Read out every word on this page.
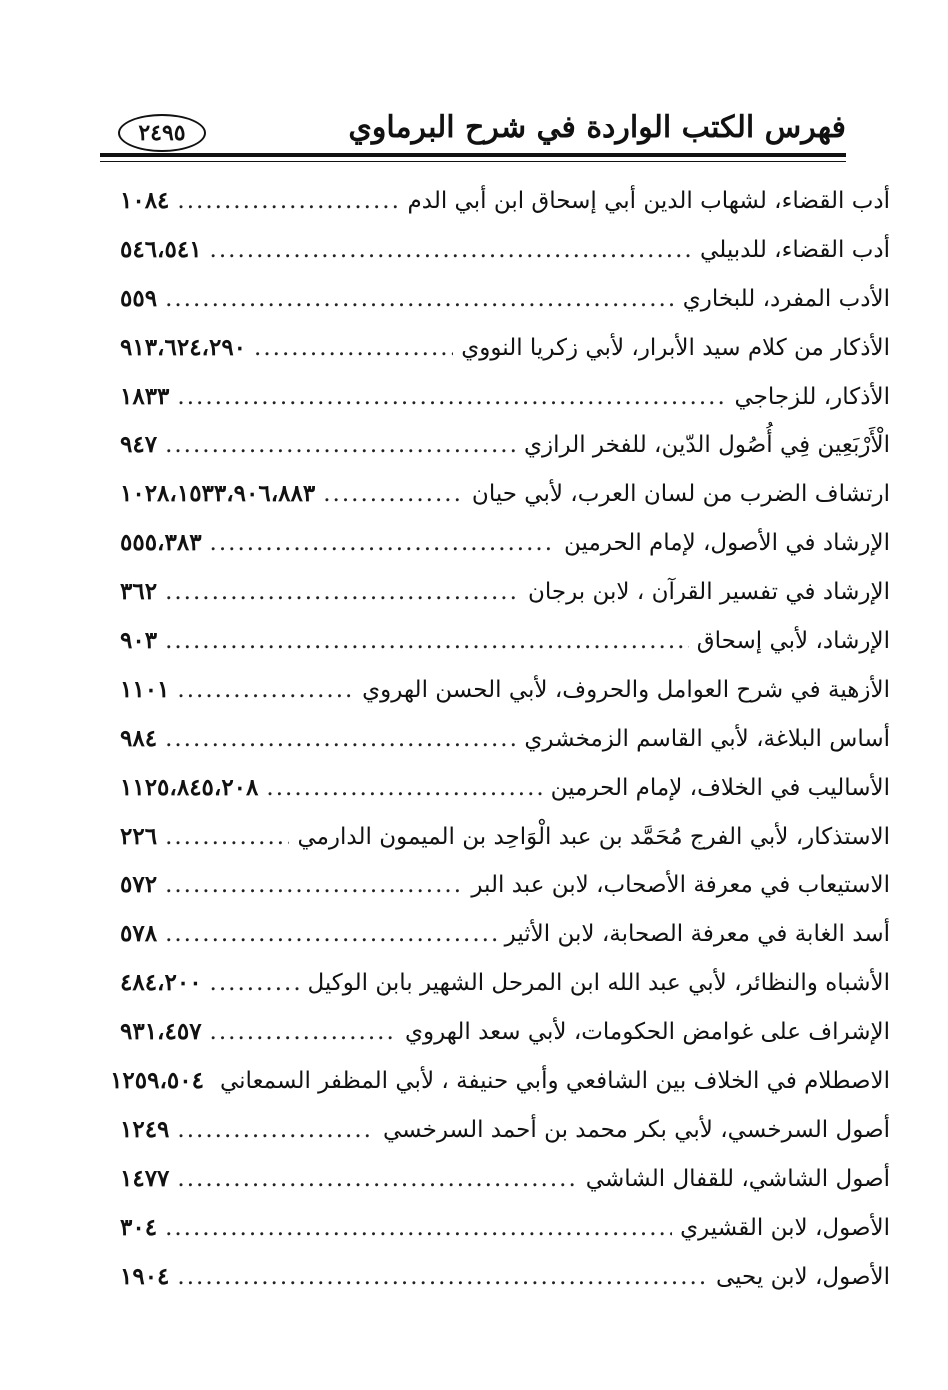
فهرس الكتب الواردة في شرح البرماوي
٢٤٩٥
أدب القضاء، لشهاب الدين أبي إسحاق ابن أبي الدم
.....
١٠٨٤
أدب القضاء، للدبيلي
.....
٥٤٦،٥٤١
الأدب المفرد، للبخاري
.....
٥٥٩
الأذكار من كلام سيد الأبرار، لأبي زكريا النووي
.....
٩١٣،٦٢٤،٢٩٠
الأذكار، للزجاجي
.....
١٨٣٣
الْأَرْبَعِين فِي أُصُول الدّين، للفخر الرازي
.....
٩٤٧
ارتشاف الضرب من لسان العرب، لأبي حيان
.....
١٠٢٨،١٥٣٣،٩٠٦،٨٨٣
الإرشاد في الأصول، لإمام الحرمين
.....
٥٥٥،٣٨٣
الإرشاد في تفسير القرآن ، لابن برجان
.....
٣٦٢
الإرشاد، لأبي إسحاق
.....
٩٠٣
الأزهية في شرح العوامل والحروف، لأبي الحسن الهروي
.....
١١٠١
أساس البلاغة، لأبي القاسم الزمخشري
.....
٩٨٤
الأساليب في الخلاف، لإمام الحرمين
.....
١١٢٥،٨٤٥،٢٠٨
الاستذكار، لأبي الفرج مُحَمَّد بن عبد الْوَاحِد بن الميمون الدارمي
.....
٢٢٦
الاستيعاب في معرفة الأصحاب، لابن عبد البر
.....
٥٧٢
أسد الغابة في معرفة الصحابة، لابن الأثير
.....
٥٧٨
الأشباه والنظائر، لأبي عبد الله ابن المرحل الشهير بابن الوكيل
.....
٤٨٤،٢٠٠
الإشراف على غوامض الحكومات، لأبي سعد الهروي
.....
٩٣١،٤٥٧
الاصطلام في الخلاف بين الشافعي وأبي حنيفة ، لأبي المظفر السمعاني
١٢٥٩،٥٠٤
أصول السرخسي، لأبي بكر محمد بن أحمد السرخسي
.....
١٢٤٩
أصول الشاشي، للقفال الشاشي
.....
١٤٧٧
الأصول، لابن القشيري
.....
٣٠٤
الأصول، لابن يحيى
.....
١٩٠٤
